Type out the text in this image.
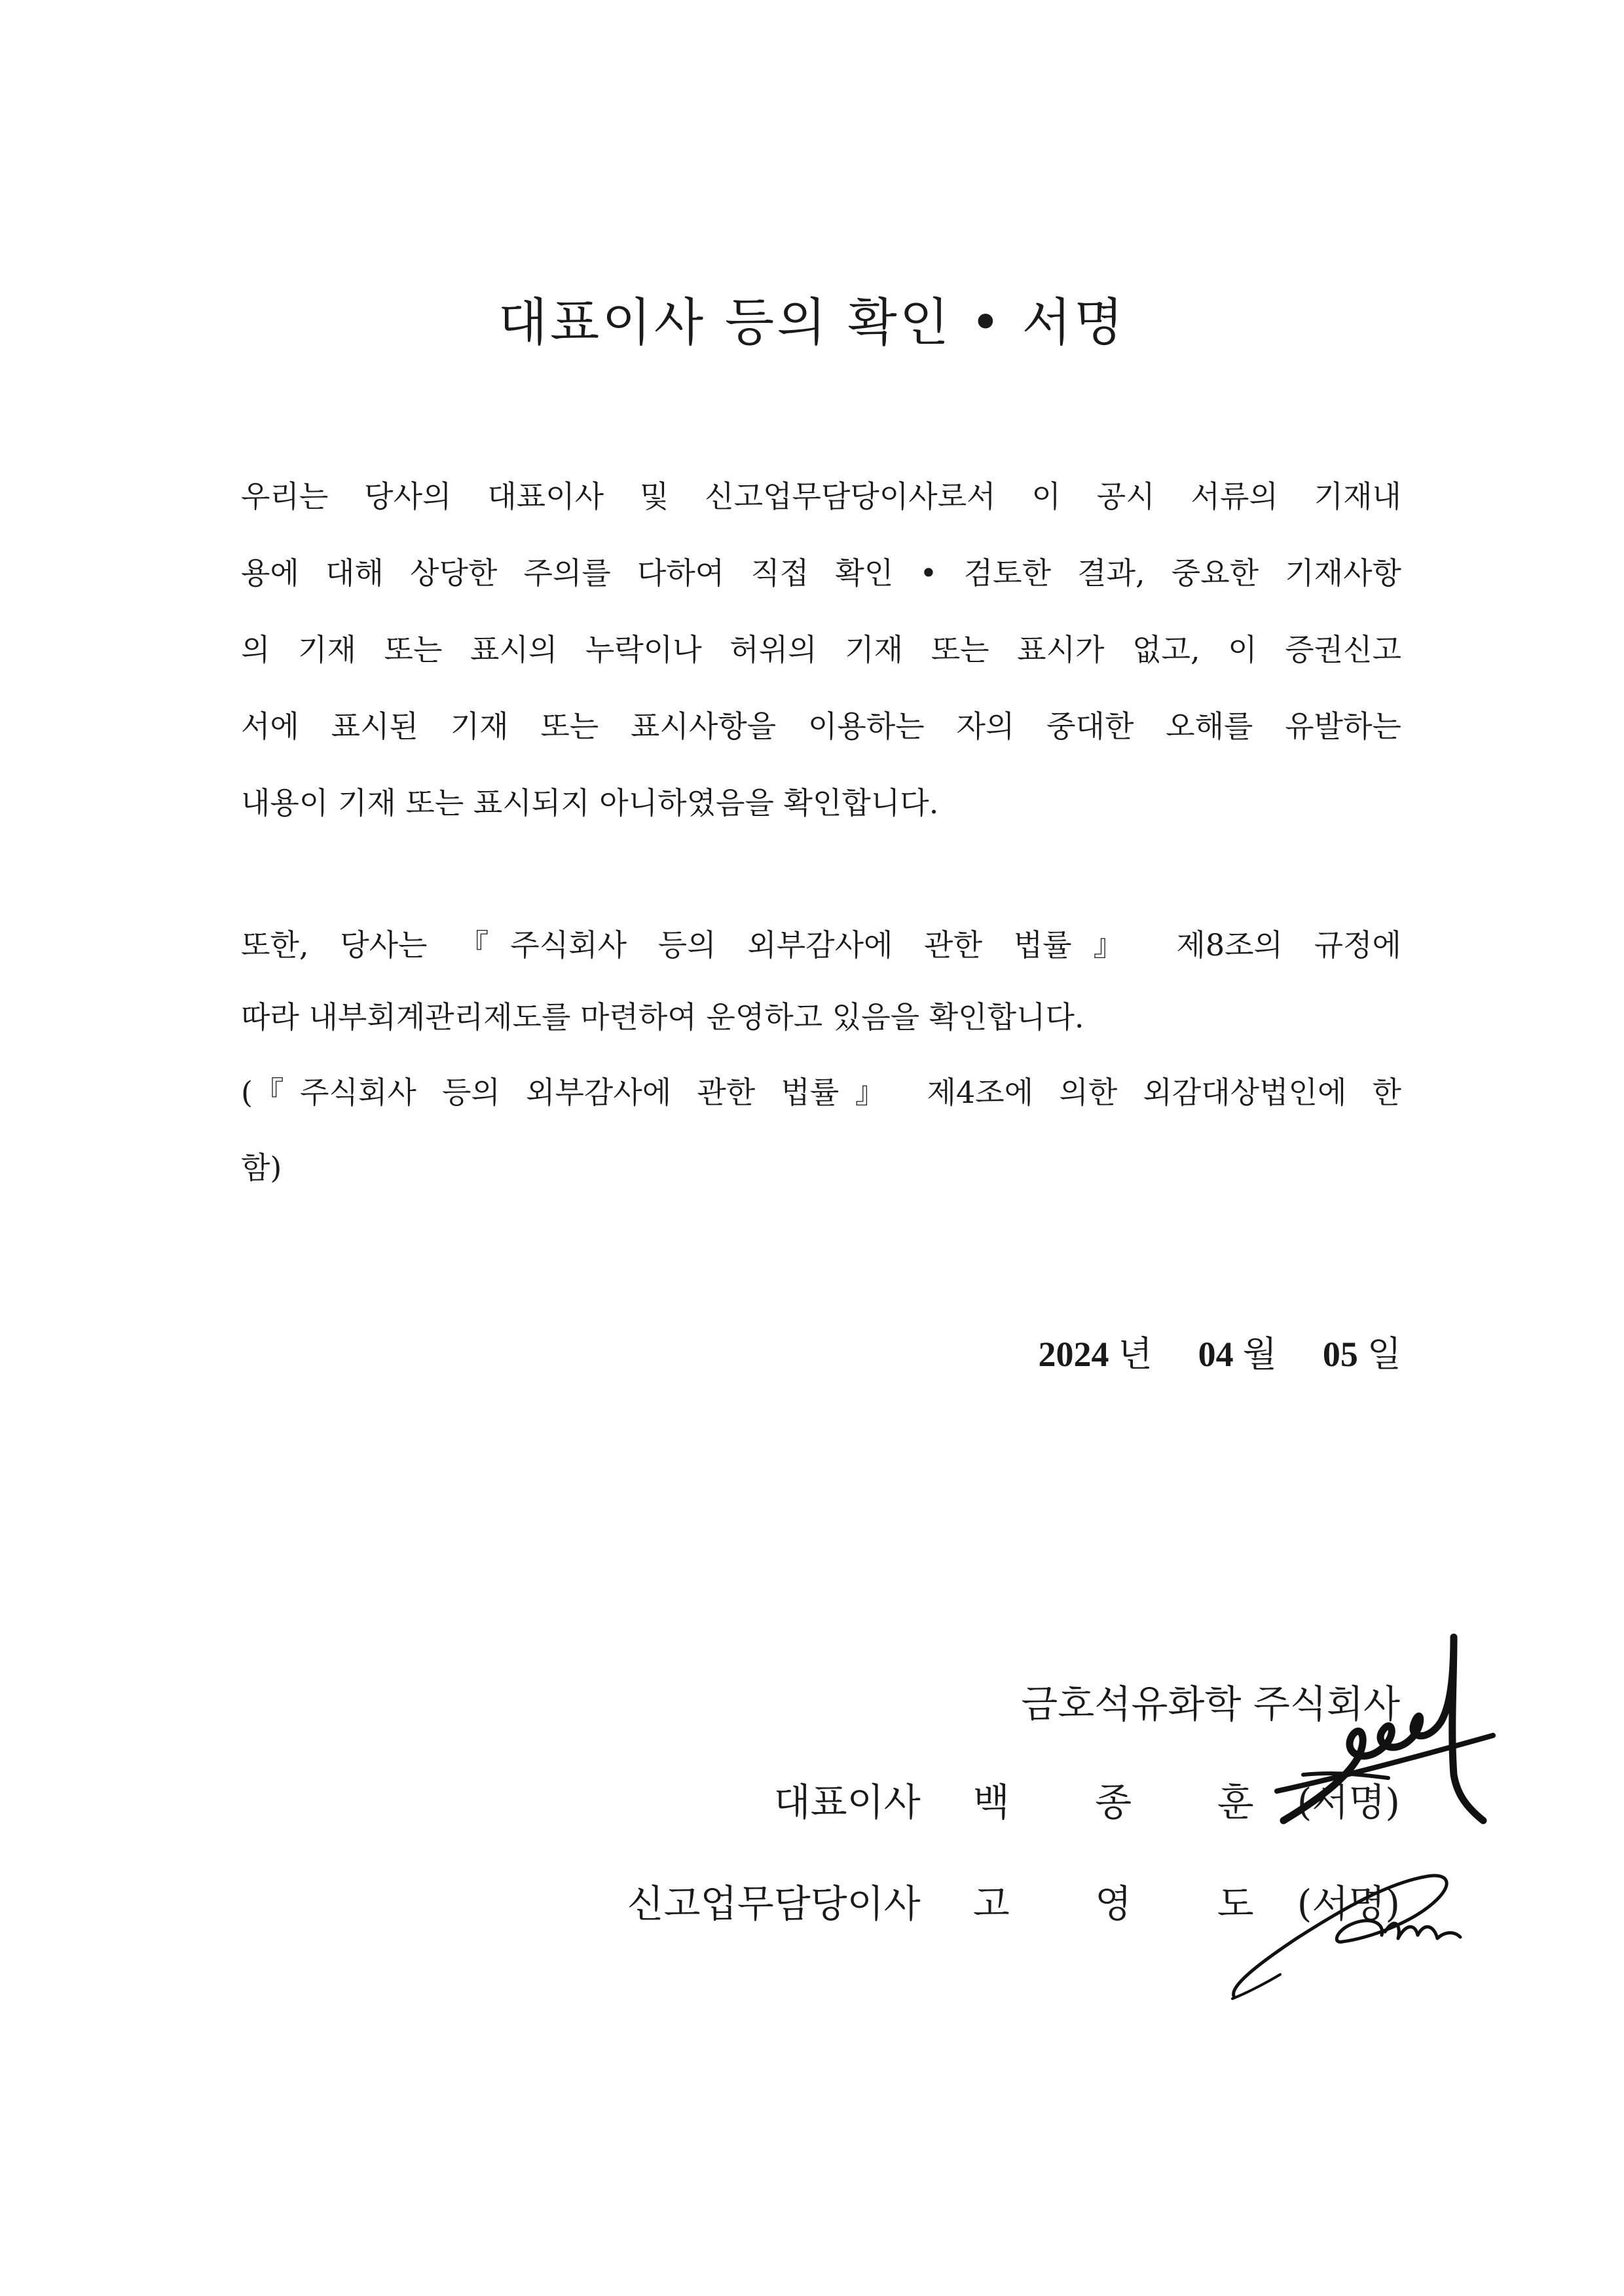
대표이사 등의 확인 • 서명
우리는 당사의 대표이사 및 신고업무담당이사로서 이 공시 서류의 기재내
용에 대해 상당한 주의를 다하여 직접 확인 • 검토한 결과, 중요한 기재사항
의 기재 또는 표시의 누락이나 허위의 기재 또는 표시가 없고, 이 증권신고
서에 표시된 기재 또는 표시사항을 이용하는 자의 중대한 오해를 유발하는
내용이 기재 또는 표시되지 아니하였음을 확인합니다.
또한, 당사는 『주식회사 등의 외부감사에 관한 법률』 제8조의 규정에
따라 내부회계관리제도를 마련하여 운영하고 있음을 확인합니다.
(『주식회사 등의 외부감사에 관한 법률』 제4조에 의한 외감대상법인에 한
함)
2024 년 04 월 05 일
금호석유화학 주식회사
대표이사 백 종 훈 (서명)
신고업무담당이사 고 영 도 (서명)
